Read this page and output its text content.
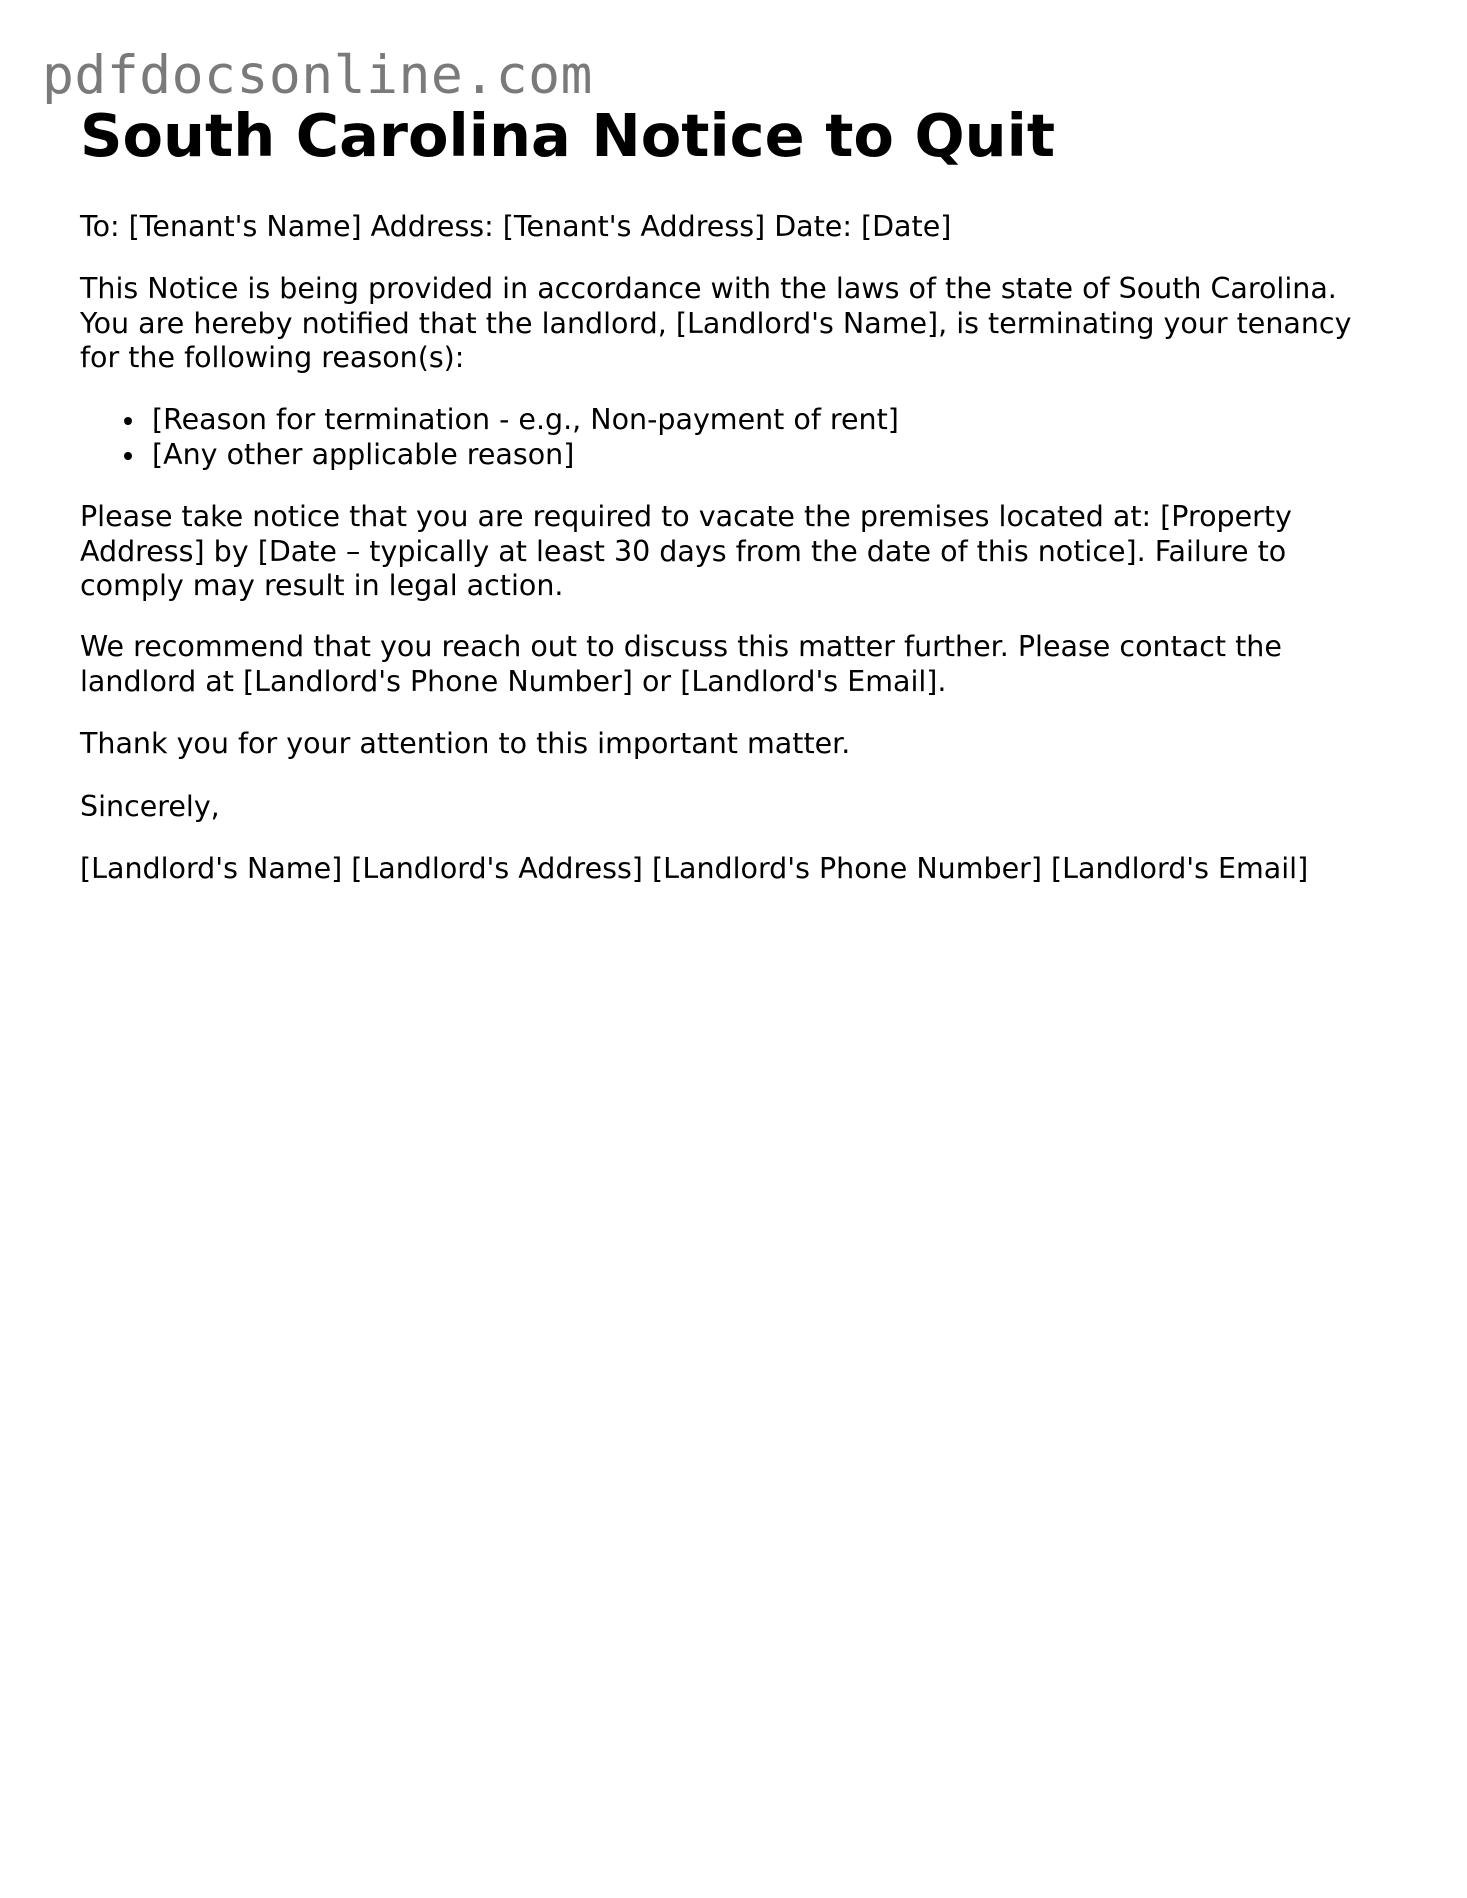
pdfdocsonline.com
South Carolina Notice to Quit

To: [Tenant's Name] Address: [Tenant's Address] Date: [Date]

This Notice is being provided in accordance with the laws of the state of South Carolina. You are hereby notified that the landlord, [Landlord's Name], is terminating your tenancy for the following reason(s):

[Reason for termination - e.g., Non-payment of rent]
[Any other applicable reason]

Please take notice that you are required to vacate the premises located at: [Property Address] by [Date – typically at least 30 days from the date of this notice]. Failure to comply may result in legal action.

We recommend that you reach out to discuss this matter further. Please contact the landlord at [Landlord's Phone Number] or [Landlord's Email].

Thank you for your attention to this important matter.

Sincerely,

[Landlord's Name] [Landlord's Address] [Landlord's Phone Number] [Landlord's Email]
